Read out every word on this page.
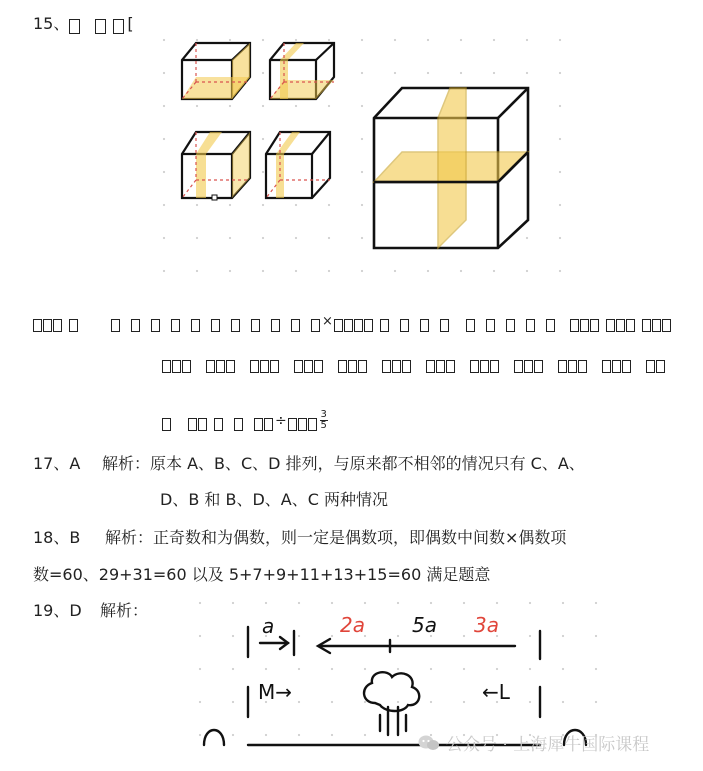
15、	[
×
÷	$\frac{3}{5}$
17、A 解析：原本 A、B、C、D 排列，与原来都不相邻的情况只有 C、A、
D、B 和 B、D、A、C 两种情况
18、B 解析：正奇数和为偶数，则一定是偶数项，即偶数中间数×偶数项
数=60、29+31=60 以及 5+7+9+11+13+15=60 满足题意
19、D 解析：
a	2a 5a 3a
M→	←L
公众号 · 上海犀牛国际课程
